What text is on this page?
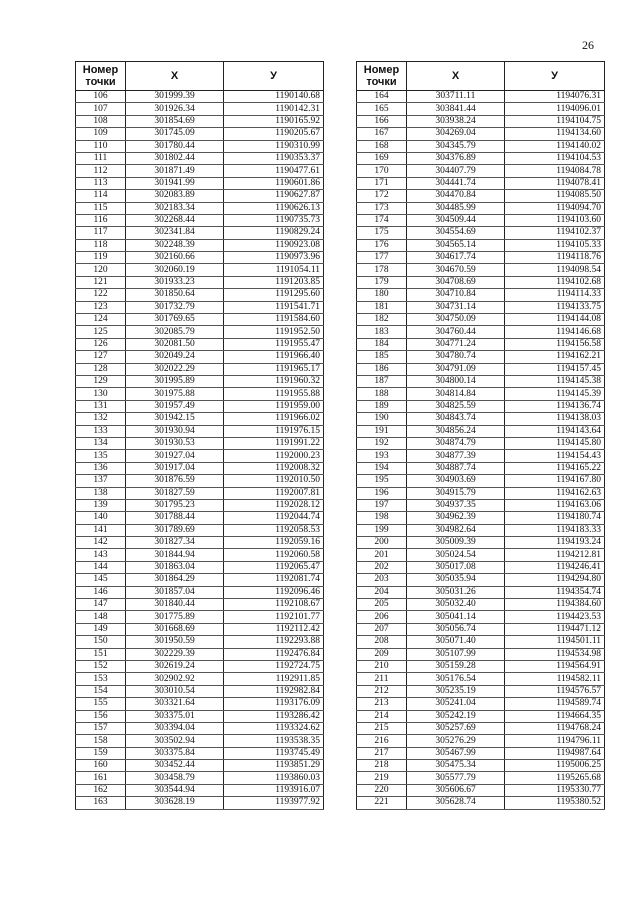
26
Номер точки	X	У
106	301999.39	1190140.68
107	301926.34	1190142.31
108	301854.69	1190165.92
109	301745.09	1190205.67
110	301780.44	1190310.99
111	301802.44	1190353.37
112	301871.49	1190477.61
113	301941.99	1190601.86
114	302083.89	1190627.87
115	302183.34	1190626.13
116	302268.44	1190735.73
117	302341.84	1190829.24
118	302248.39	1190923.08
119	302160.66	1190973.96
120	302060.19	1191054.11
121	301933.23	1191203.85
122	301850.64	1191295.60
123	301732.79	1191541.71
124	301769.65	1191584.60
125	302085.79	1191952.50
126	302081.50	1191955.47
127	302049.24	1191966.40
128	302022.29	1191965.17
129	301995.89	1191960.32
130	301975.88	1191955.88
131	301957.49	1191959.00
132	301942.15	1191966.02
133	301930.94	1191976.15
134	301930.53	1191991.22
135	301927.04	1192000.23
136	301917.04	1192008.32
137	301876.59	1192010.50
138	301827.59	1192007.81
139	301795.23	1192028.12
140	301788.44	1192044.74
141	301789.69	1192058.53
142	301827.34	1192059.16
143	301844.94	1192060.58
144	301863.04	1192065.47
145	301864.29	1192081.74
146	301857.04	1192096.46
147	301840.44	1192108.67
148	301775.89	1192101.77
149	301668.69	1192112.42
150	301950.59	1192293.88
151	302229.39	1192476.84
152	302619.24	1192724.75
153	302902.92	1192911.85
154	303010.54	1192982.84
155	303321.64	1193176.09
156	303375.01	1193286.42
157	303394.04	1193324.62
158	303502.94	1193538.35
159	303375.84	1193745.49
160	303452.44	1193851.29
161	303458.79	1193860.03
162	303544.94	1193916.07
163	303628.19	1193977.92
Номер точки	X	У
164	303711.11	1194076.31
165	303841.44	1194096.01
166	303938.24	1194104.75
167	304269.04	1194134.60
168	304345.79	1194140.02
169	304376.89	1194104.53
170	304407.79	1194084.78
171	304441.74	1194078.41
172	304470.84	1194085.50
173	304485.99	1194094.70
174	304509.44	1194103.60
175	304554.69	1194102.37
176	304565.14	1194105.33
177	304617.74	1194118.76
178	304670.59	1194098.54
179	304708.69	1194102.68
180	304710.84	1194114.33
181	304731.14	1194133.75
182	304750.09	1194144.08
183	304760.44	1194146.68
184	304771.24	1194156.58
185	304780.74	1194162.21
186	304791.09	1194157.45
187	304800.14	1194145.38
188	304814.84	1194145.39
189	304825.59	1194136.74
190	304843.74	1194138.03
191	304856.24	1194143.64
192	304874.79	1194145.80
193	304877.39	1194154.43
194	304887.74	1194165.22
195	304903.69	1194167.80
196	304915.79	1194162.63
197	304937.35	1194163.06
198	304962.39	1194180.74
199	304982.64	1194183.33
200	305009.39	1194193.24
201	305024.54	1194212.81
202	305017.08	1194246.41
203	305035.94	1194294.80
204	305031.26	1194354.74
205	305032.40	1194384.60
206	305041.14	1194423.53
207	305056.74	1194471.12
208	305071.40	1194501.11
209	305107.99	1194534.98
210	305159.28	1194564.91
211	305176.54	1194582.11
212	305235.19	1194576.57
213	305241.04	1194589.74
214	305242.19	1194664.35
215	305257.69	1194768.24
216	305276.29	1194796.11
217	305467.99	1194987.64
218	305475.34	1195006.25
219	305577.79	1195265.68
220	305606.67	1195330.77
221	305628.74	1195380.52
